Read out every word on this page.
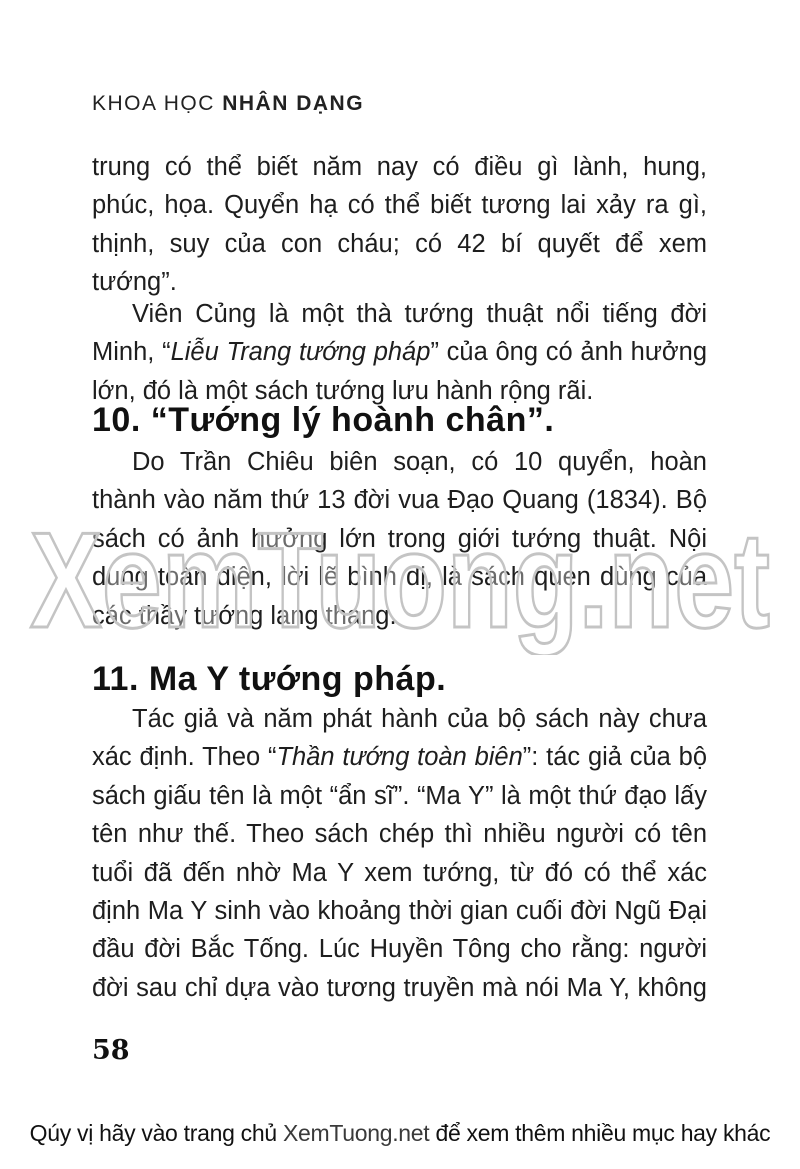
KHOA HỌC NHÂN DẠNG
trung có thể biết năm nay có điều gì lành, hung,
phúc, họa. Quyển hạ có thể biết tương lai xảy ra gì,
thịnh, suy của con cháu; có 42 bí quyết để xem
tướng”.
Viên Củng là một thà tướng thuật nổi tiếng đời
Minh, “Liễu Trang tướng pháp” của ông có ảnh hưởng
lớn, đó là một sách tướng lưu hành rộng rãi.
10. “Tướng lý hoành chân”.
Do Trần Chiêu biên soạn, có 10 quyển, hoàn
thành vào năm thứ 13 đời vua Đạo Quang (1834). Bộ
sách có ảnh hưởng lớn trong giới tướng thuật. Nội
dung toàn diện, lời lẽ bình dị, là sách quen dùng của
các thầy tướng lang thang.
XemTuong.net
11. Ma Y tướng pháp.
Tác giả và năm phát hành của bộ sách này chưa
xác định. Theo “Thần tướng toàn biên”: tác giả của bộ
sách giấu tên là một “ẩn sĩ”. “Ma Y” là một thứ đạo lấy
tên như thế. Theo sách chép thì nhiều người có tên
tuổi đã đến nhờ Ma Y xem tướng, từ đó có thể xác
định Ma Y sinh vào khoảng thời gian cuối đời Ngũ Đại
đầu đời Bắc Tống. Lúc Huyền Tông cho rằng: người
đời sau chỉ dựa vào tương truyền mà nói Ma Y, không
58
Qúy vị hãy vào trang chủ XemTuong.net để xem thêm nhiều mục hay khác
